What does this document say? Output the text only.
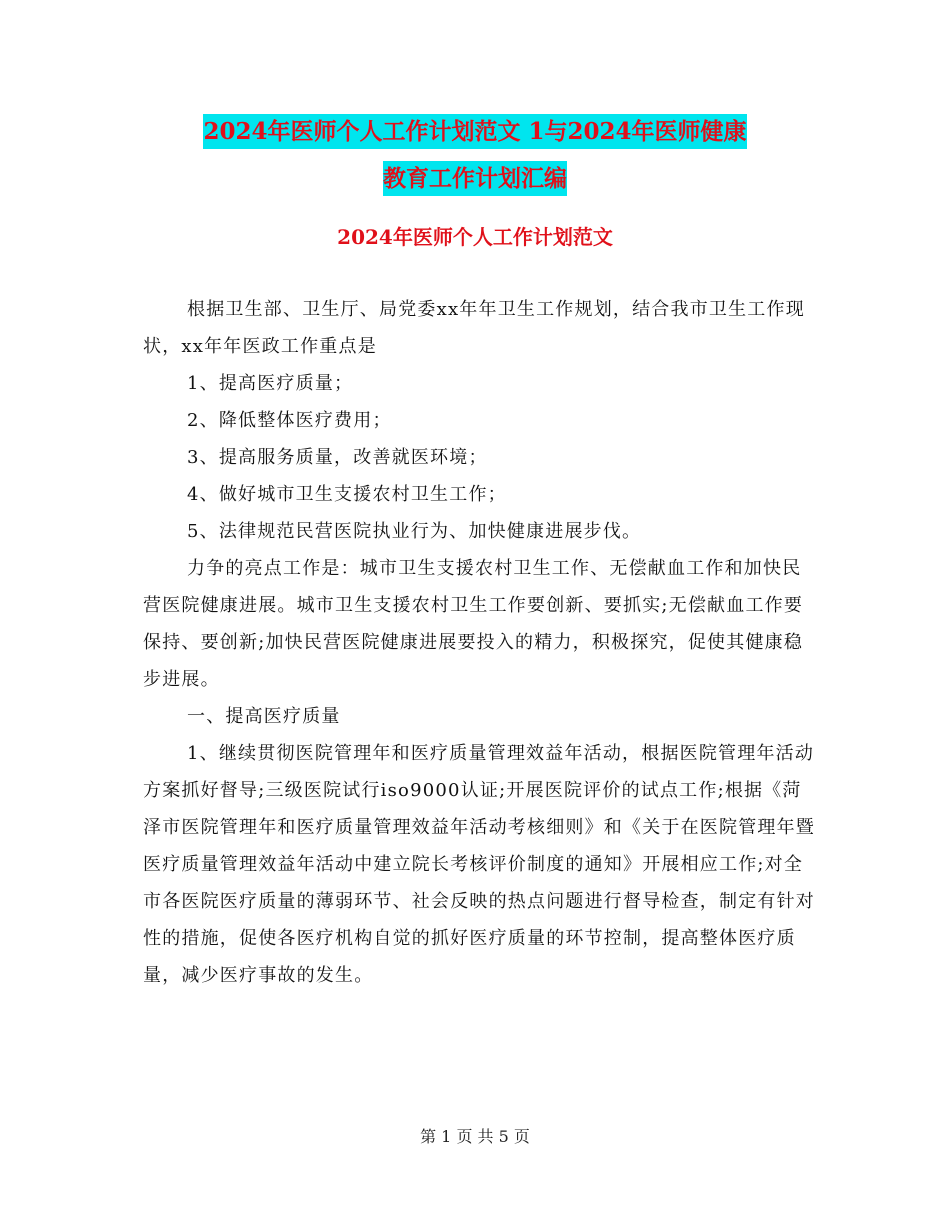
2024年医师个人工作计划范文 1与2024年医师健康
教育工作计划汇编
2024年医师个人工作计划范文

根据卫生部、卫生厅、局党委xx年年卫生工作规划，结合我市卫生工作现状，xx年年医政工作重点是

1、提高医疗质量；

2、降低整体医疗费用；

3、提高服务质量，改善就医环境；

4、做好城市卫生支援农村卫生工作；

5、法律规范民营医院执业行为、加快健康进展步伐。

力争的亮点工作是：城市卫生支援农村卫生工作、无偿献血工作和加快民营医院健康进展。城市卫生支援农村卫生工作要创新、要抓实;无偿献血工作要保持、要创新;加快民营医院健康进展要投入的精力，积极探究，促使其健康稳步进展。

一、提高医疗质量

1、继续贯彻医院管理年和医疗质量管理效益年活动，根据医院管理年活动方案抓好督导;三级医院试行iso9000认证;开展医院评价的试点工作;根据《菏泽市医院管理年和医疗质量管理效益年活动考核细则》和《关于在医院管理年暨医疗质量管理效益年活动中建立院长考核评价制度的通知》开展相应工作;对全市各医院医疗质量的薄弱环节、社会反映的热点问题进行督导检查，制定有针对性的措施，促使各医疗机构自觉的抓好医疗质量的环节控制，提高整体医疗质量，减少医疗事故的发生。

第 1 页 共 5 页
